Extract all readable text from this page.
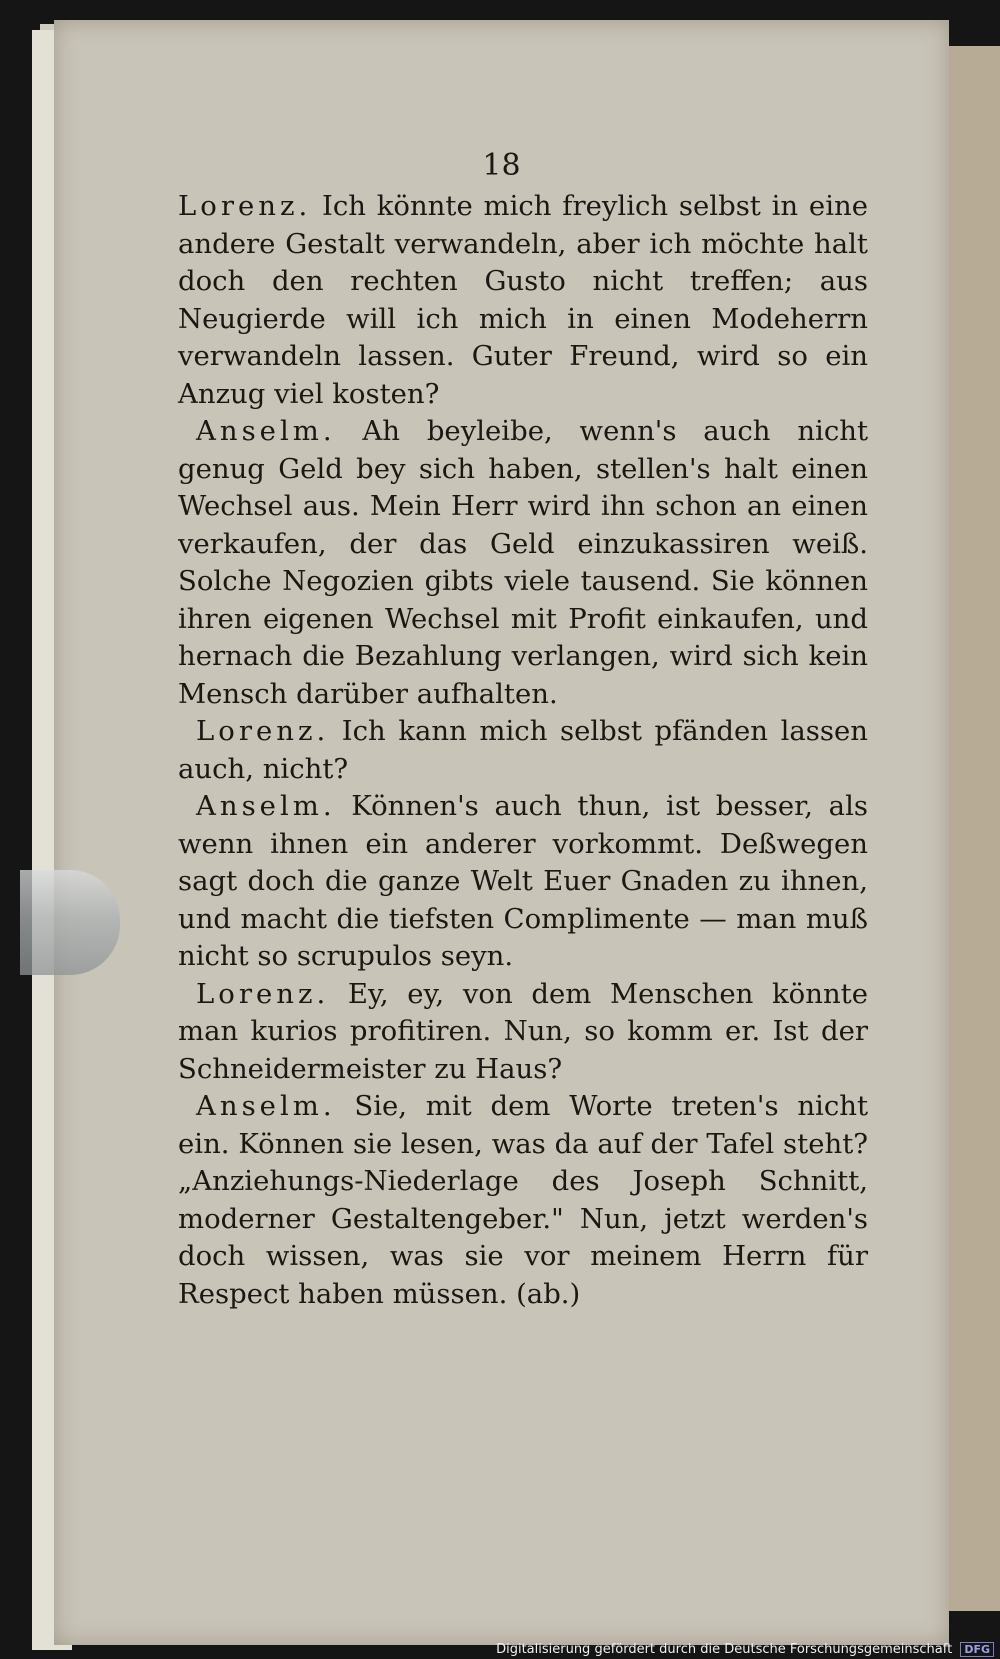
18

Lorenz. Ich könnte mich freylich selbst in eine andere Gestalt verwandeln, aber ich möchte halt doch den rechten Gusto nicht treffen; aus Neugierde will ich mich in einen Modeherrn verwandeln lassen. Guter Freund, wird so ein Anzug viel kosten?

Anselm. Ah beyleibe, wenn's auch nicht genug Geld bey sich haben, stellen's halt einen Wechsel aus. Mein Herr wird ihn schon an einen verkaufen, der das Geld einzukassiren weiß. Solche Negozien gibts viele tausend. Sie können ihren eigenen Wechsel mit Profit einkaufen, und hernach die Bezahlung verlangen, wird sich kein Mensch darüber aufhalten.

Lorenz. Ich kann mich selbst pfänden lassen auch, nicht?

Anselm. Können's auch thun, ist besser, als wenn ihnen ein anderer vorkommt. Deßwegen sagt doch die ganze Welt Euer Gnaden zu ihnen, und macht die tiefsten Complimente — man muß nicht so scrupulos seyn.

Lorenz. Ey, ey, von dem Menschen könnte man kurios profitiren. Nun, so komm er. Ist der Schneidermeister zu Haus?

Anselm. Sie, mit dem Worte treten's nicht ein. Können sie lesen, was da auf der Tafel steht? „Anziehungs-Niederlage des Joseph Schnitt, moderner Gestaltengeber." Nun, jetzt werden's doch wissen, was sie vor meinem Herrn für Respect haben müssen. (ab.)

Digitalisierung gefördert durch die Deutsche Forschungsgemeinschaft DFG
